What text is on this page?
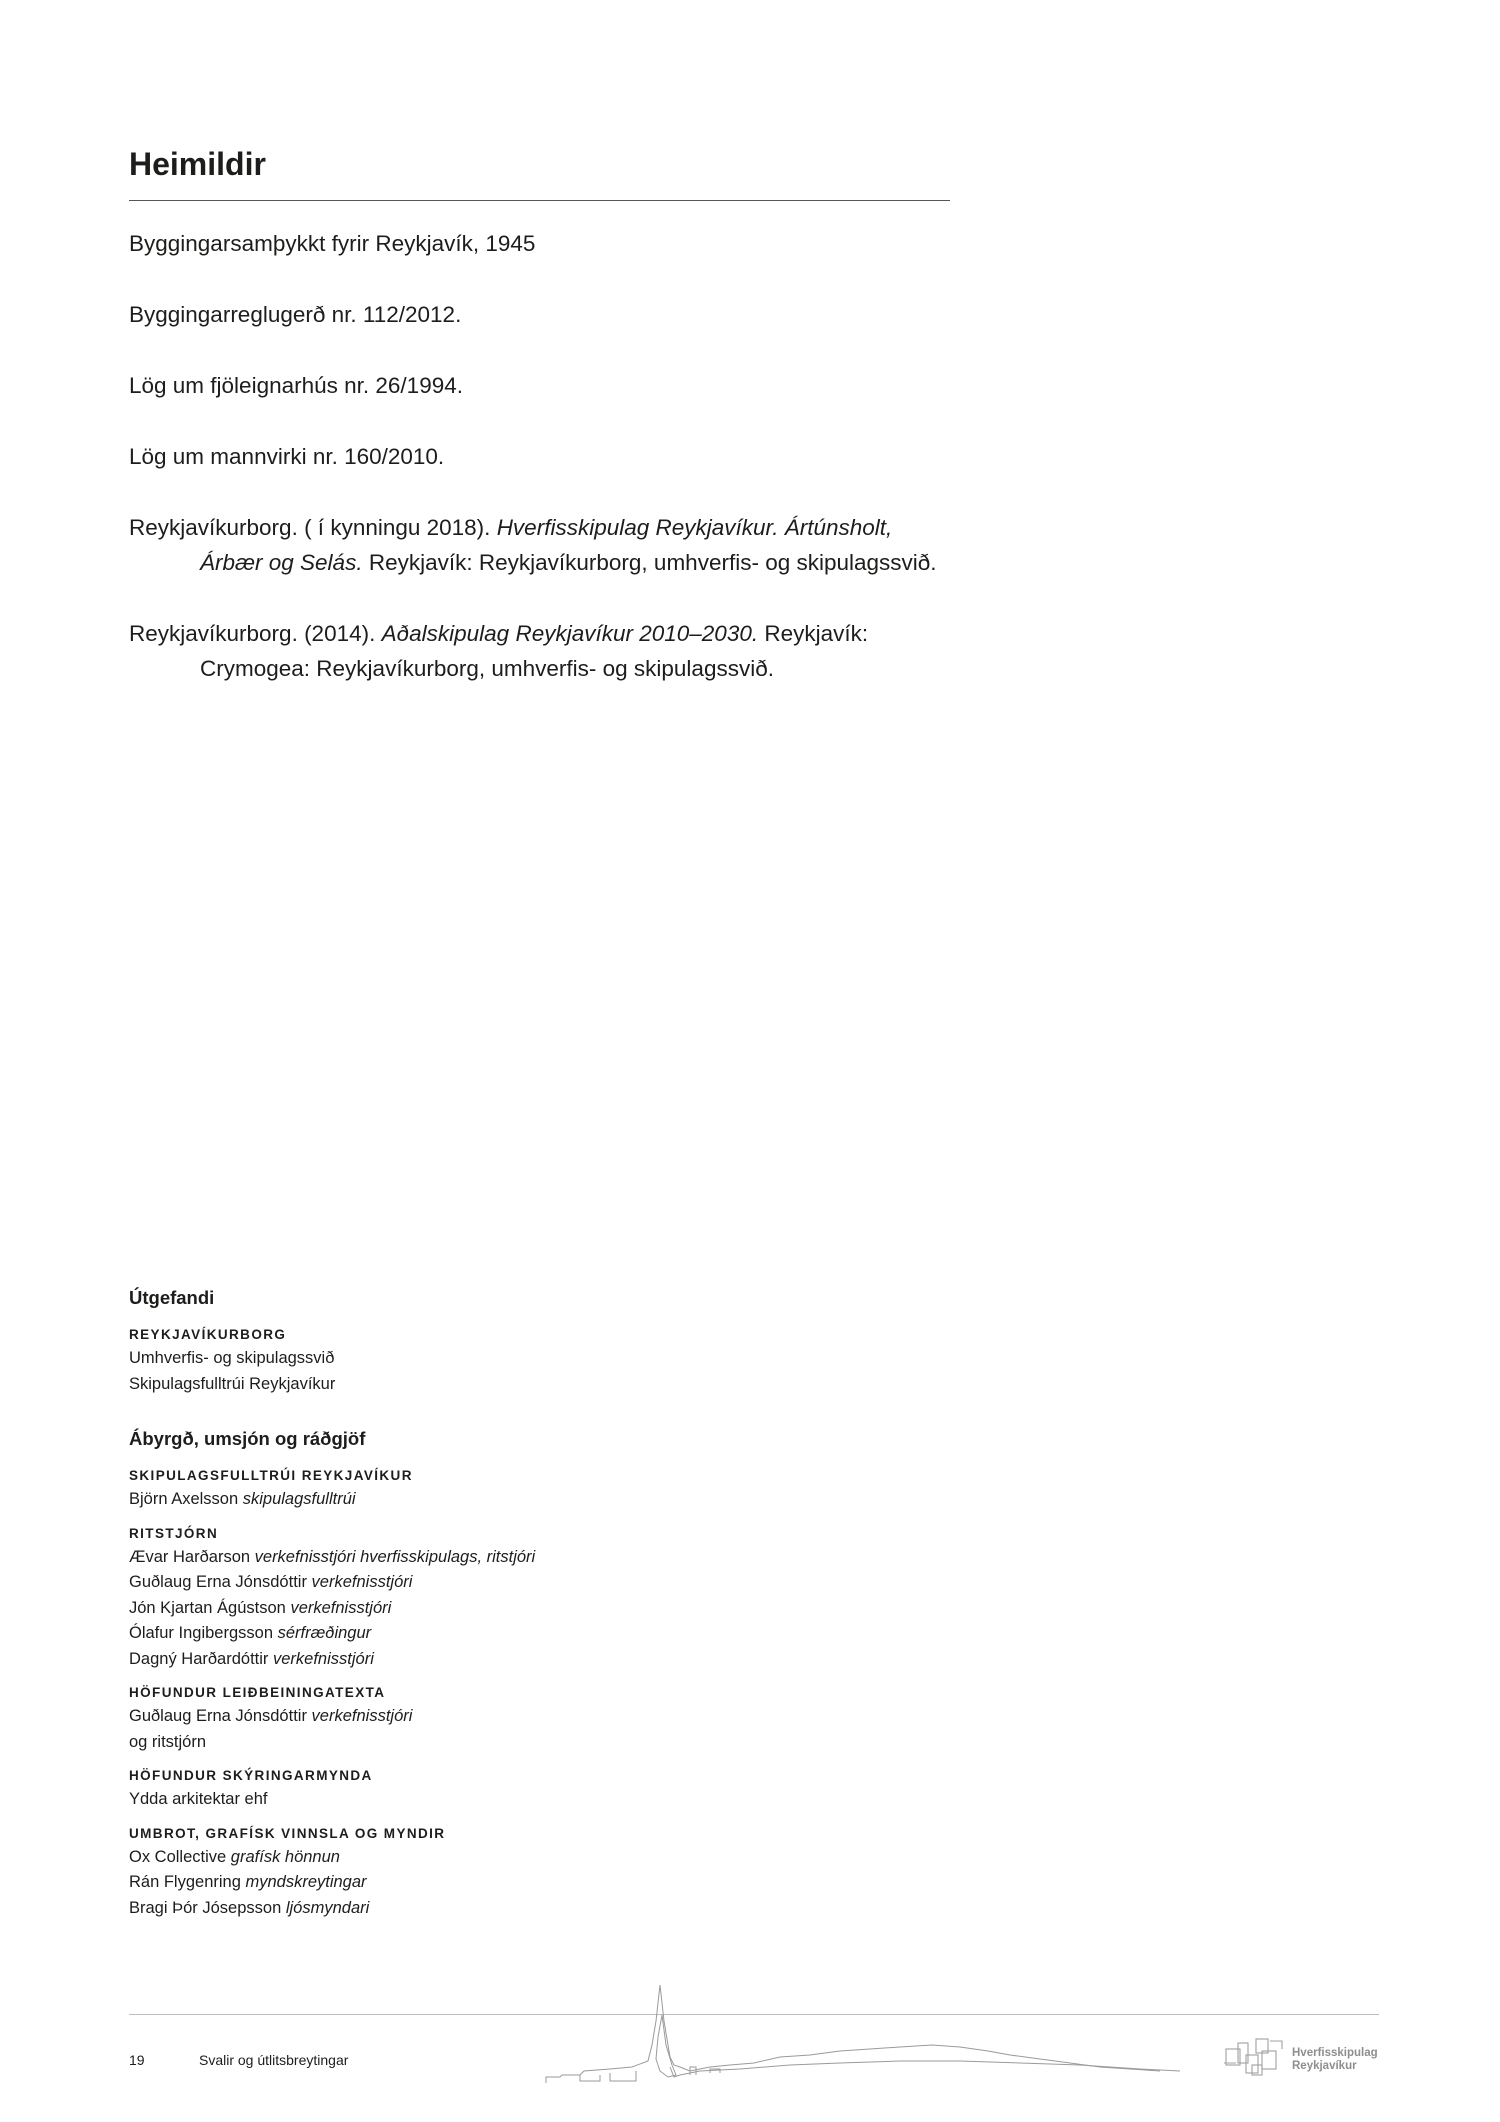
Heimildir

Byggingarsamþykkt fyrir Reykjavík, 1945

Byggingarreglugerð nr. 112/2012.

Lög um fjöleignarhús nr. 26/1994.

Lög um mannvirki nr. 160/2010.

Reykjavíkurborg. ( í kynningu 2018). Hverfisskipulag Reykjavíkur. Ártúnsholt, Árbær og Selás. Reykjavík: Reykjavíkurborg, umhverfis- og skipulagssvið.

Reykjavíkurborg. (2014). Aðalskipulag Reykjavíkur 2010–2030. Reykjavík: Crymogea: Reykjavíkurborg, umhverfis- og skipulagssvið.

Útgefandi

REYKJAVÍKURBORG

Umhverfis- og skipulagssvið

Skipulagsfulltrúi Reykjavíkur

Ábyrgð, umsjón og ráðgjöf

SKIPULAGSFULLTRÚI REYKJAVÍKUR

Björn Axelsson skipulagsfulltrúi

RITSTJÓRN

Ævar Harðarson verkefnisstjóri hverfisskipulags, ritstjóri

Guðlaug Erna Jónsdóttir verkefnisstjóri

Jón Kjartan Ágústson verkefnisstjóri

Ólafur Ingibergsson sérfræðingur

Dagný Harðardóttir verkefnisstjóri

HÖFUNDUR LEIÐBEININGATEXTA

Guðlaug Erna Jónsdóttir verkefnisstjóri

og ritstjórn

HÖFUNDUR SKÝRINGARMYNDA

Ydda arkitektar ehf

UMBROT, GRAFÍSK VINNSLA OG MYNDIR

Ox Collective grafísk hönnun

Rán Flygenring myndskreytingar

Bragi Þór Jósepsson ljósmyndari

Hverfisskipulag
Reykjavíkur
19	Svalir og útlitsbreytingar
